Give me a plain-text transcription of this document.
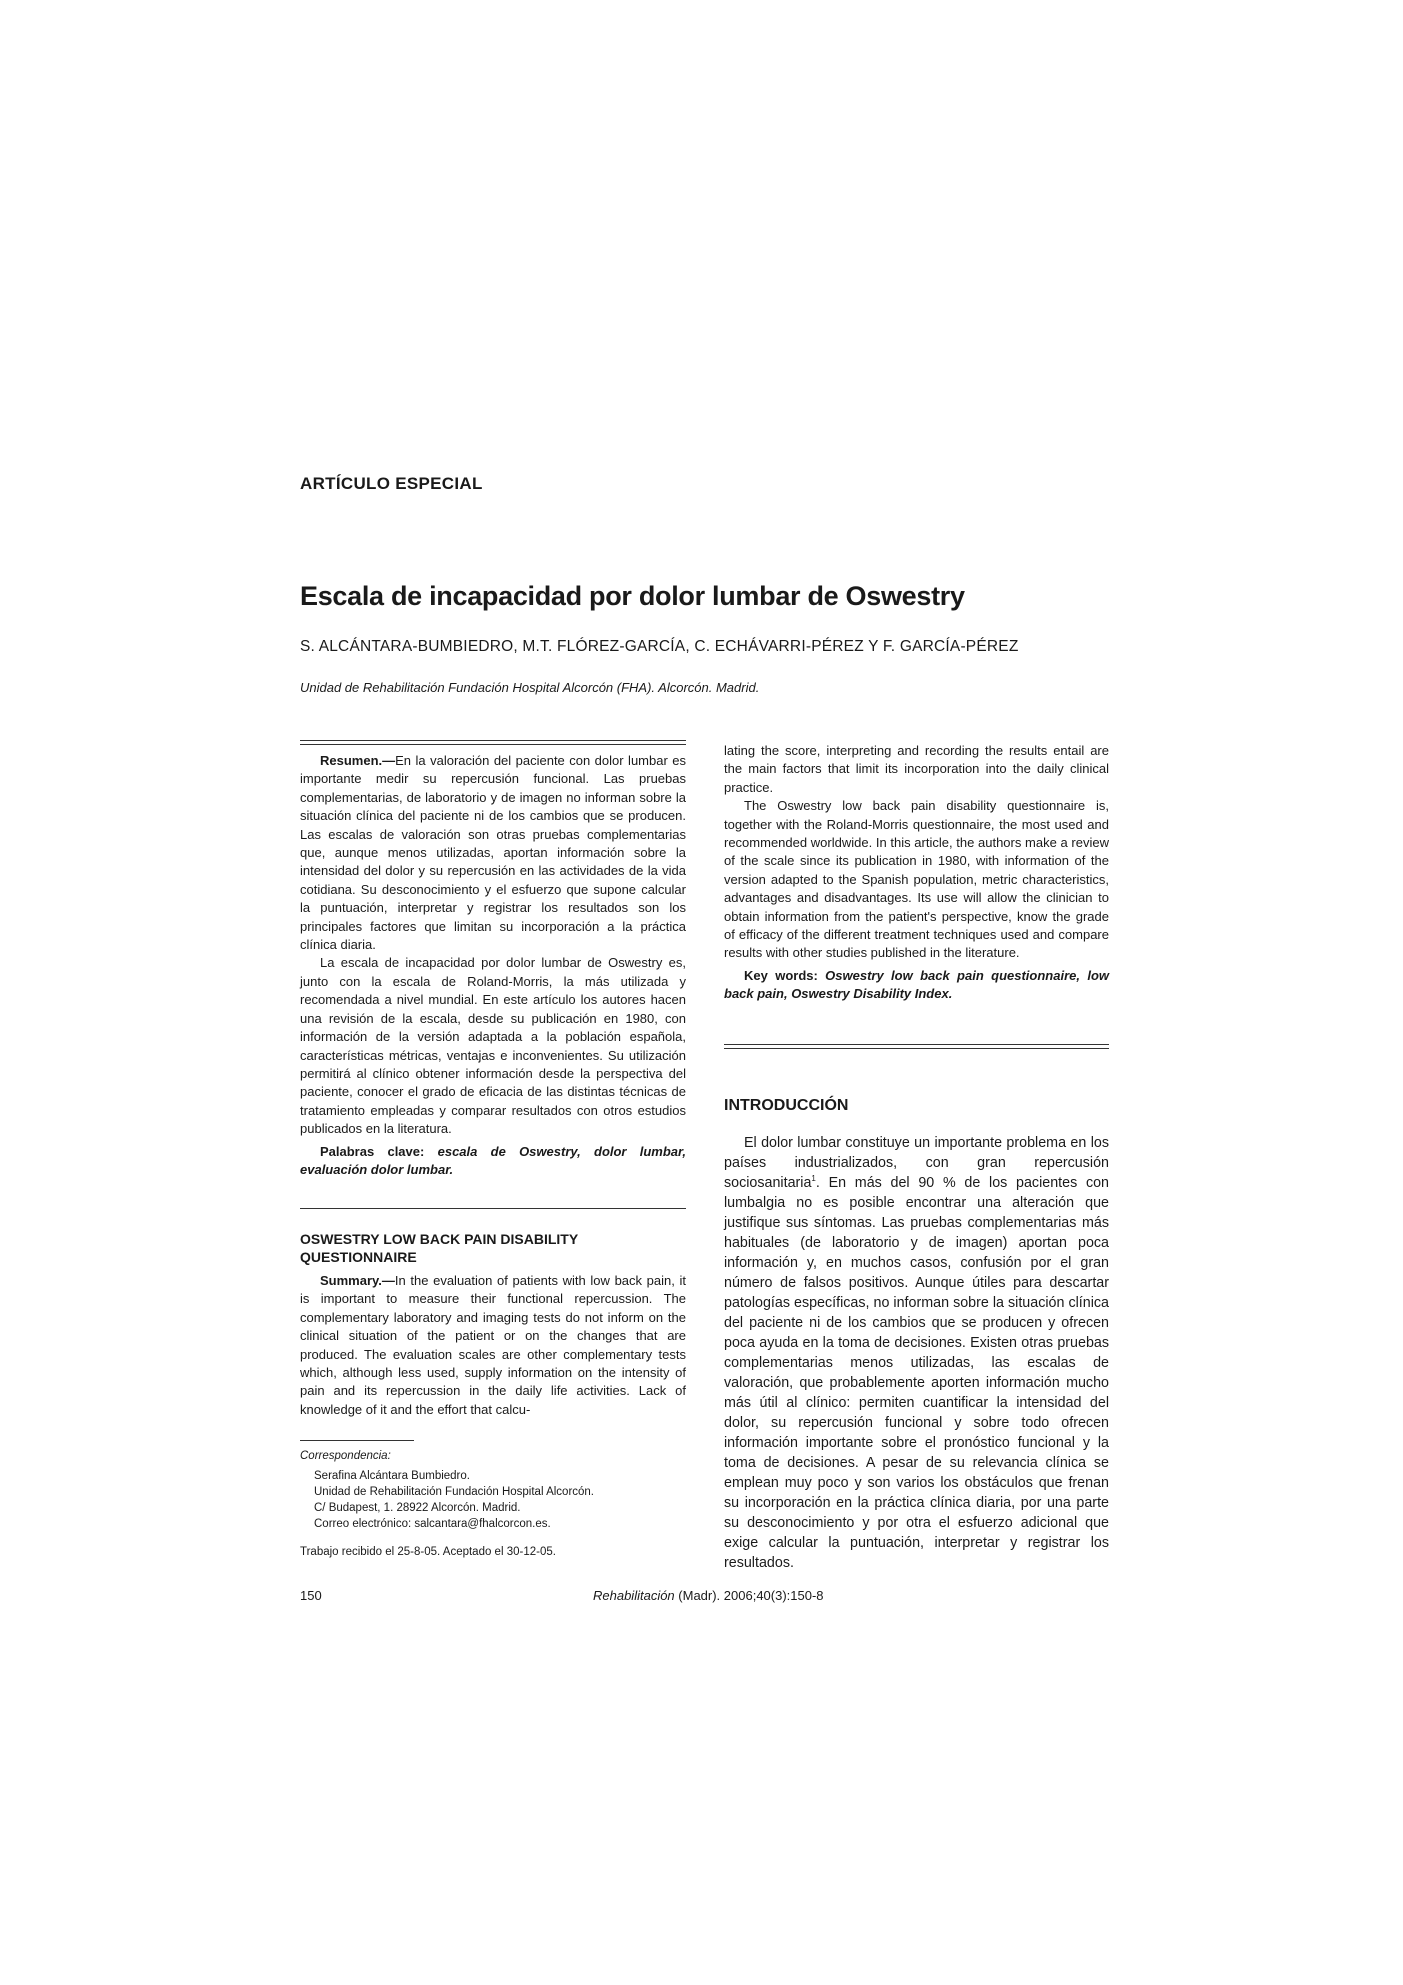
ARTÍCULO ESPECIAL
Escala de incapacidad por dolor lumbar de Oswestry
S. ALCÁNTARA-BUMBIEDRO, M.T. FLÓREZ-GARCÍA, C. ECHÁVARRI-PÉREZ Y F. GARCÍA-PÉREZ
Unidad de Rehabilitación Fundación Hospital Alcorcón (FHA). Alcorcón. Madrid.

Resumen.—En la valoración del paciente con dolor lumbar es importante medir su repercusión funcional. Las pruebas complementarias, de laboratorio y de imagen no informan sobre la situación clínica del paciente ni de los cambios que se producen. Las escalas de valoración son otras pruebas complementarias que, aunque menos utilizadas, aportan información sobre la intensidad del dolor y su repercusión en las actividades de la vida cotidiana. Su desconocimiento y el esfuerzo que supone calcular la puntuación, interpretar y registrar los resultados son los principales factores que limitan su incorporación a la práctica clínica diaria.

La escala de incapacidad por dolor lumbar de Oswestry es, junto con la escala de Roland-Morris, la más utilizada y recomendada a nivel mundial. En este artículo los autores hacen una revisión de la escala, desde su publicación en 1980, con información de la versión adaptada a la población española, características métricas, ventajas e inconvenientes. Su utilización permitirá al clínico obtener información desde la perspectiva del paciente, conocer el grado de eficacia de las distintas técnicas de tratamiento empleadas y comparar resultados con otros estudios publicados en la literatura.

Palabras clave: escala de Oswestry, dolor lumbar, evaluación dolor lumbar.

OSWESTRY LOW BACK PAIN DISABILITY QUESTIONNAIRE

Summary.—In the evaluation of patients with low back pain, it is important to measure their functional repercussion. The complementary laboratory and imaging tests do not inform on the clinical situation of the patient or on the changes that are produced. The evaluation scales are other complementary tests which, although less used, supply information on the intensity of pain and its repercussion in the daily life activities. Lack of knowledge of it and the effort that calcu-

Correspondencia:
Serafina Alcántara Bumbiedro.
Unidad de Rehabilitación Fundación Hospital Alcorcón.
C/ Budapest, 1. 28922 Alcorcón. Madrid.
Correo electrónico: salcantara@fhalcorcon.es.
Trabajo recibido el 25-8-05. Aceptado el 30-12-05.

lating the score, interpreting and recording the results entail are the main factors that limit its incorporation into the daily clinical practice.

The Oswestry low back pain disability questionnaire is, together with the Roland-Morris questionnaire, the most used and recommended worldwide. In this article, the authors make a review of the scale since its publication in 1980, with information of the version adapted to the Spanish population, metric characteristics, advantages and disadvantages. Its use will allow the clinician to obtain information from the patient's perspective, know the grade of efficacy of the different treatment techniques used and compare results with other studies published in the literature.

Key words: Oswestry low back pain questionnaire, low back pain, Oswestry Disability Index.

INTRODUCCIÓN

El dolor lumbar constituye un importante problema en los países industrializados, con gran repercusión sociosanitaria$^1$. En más del 90 % de los pacientes con lumbalgia no es posible encontrar una alteración que justifique sus síntomas. Las pruebas complementarias más habituales (de laboratorio y de imagen) aportan poca información y, en muchos casos, confusión por el gran número de falsos positivos. Aunque útiles para descartar patologías específicas, no informan sobre la situación clínica del paciente ni de los cambios que se producen y ofrecen poca ayuda en la toma de decisiones. Existen otras pruebas complementarias menos utilizadas, las escalas de valoración, que probablemente aporten información mucho más útil al clínico: permiten cuantificar la intensidad del dolor, su repercusión funcional y sobre todo ofrecen información importante sobre el pronóstico funcional y la toma de decisiones. A pesar de su relevancia clínica se emplean muy poco y son varios los obstáculos que frenan su incorporación en la práctica clínica diaria, por una parte su desconocimiento y por otra el esfuerzo adicional que exige calcular la puntuación, interpretar y registrar los resultados.

150	Rehabilitación (Madr). 2006;40(3):150-8
